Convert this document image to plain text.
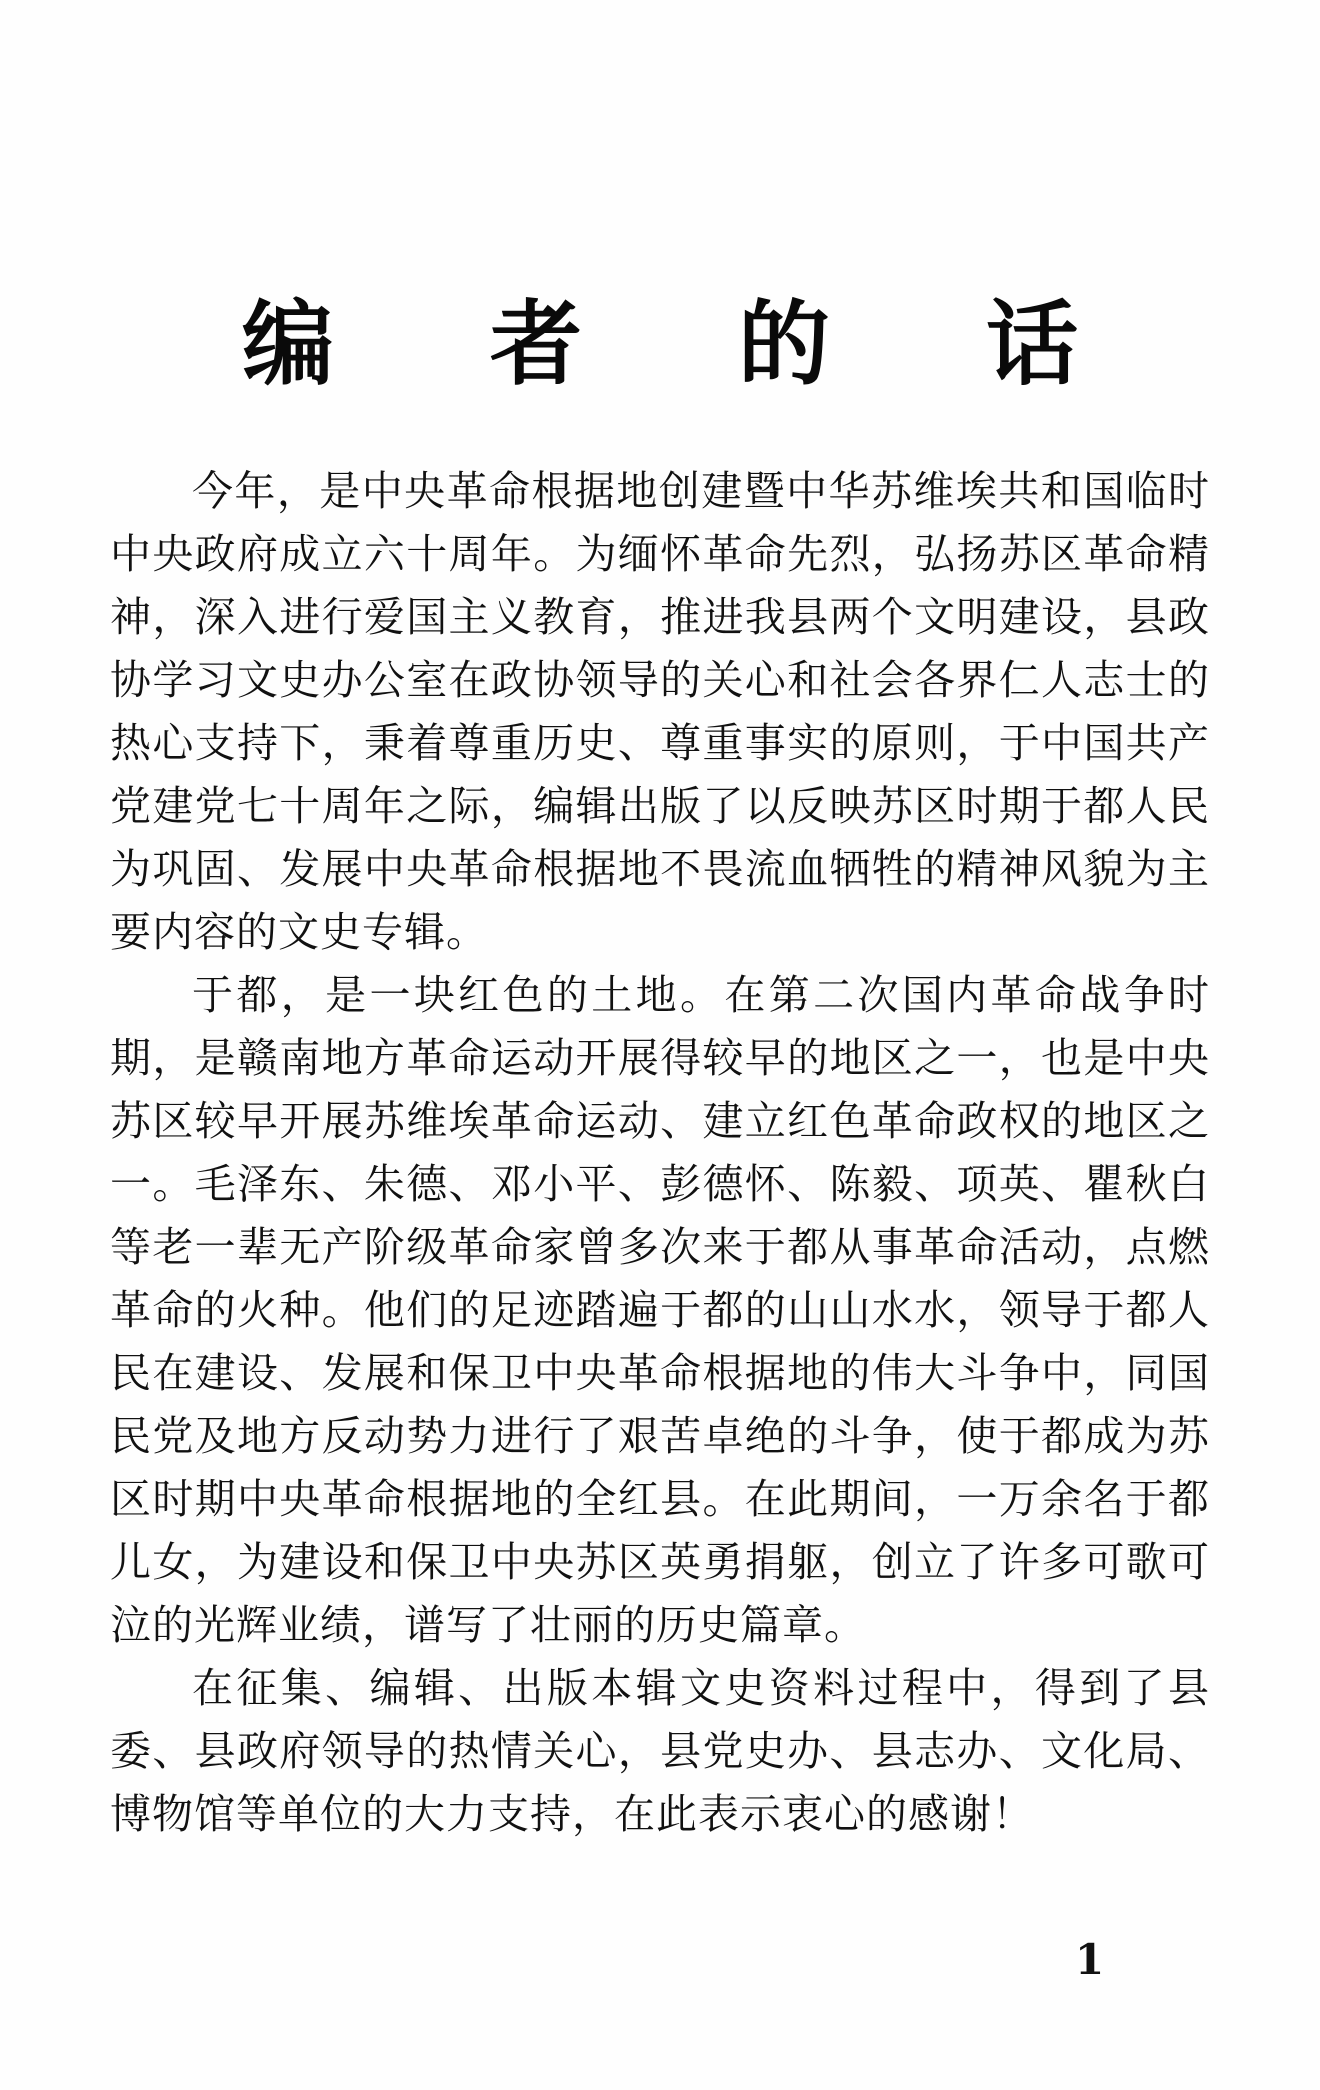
编 者 的 话

今年，是中央革命根据地创建暨中华苏维埃共和国临时中央政府成立六十周年。为缅怀革命先烈，弘扬苏区革命精神，深入进行爱国主义教育，推进我县两个文明建设，县政协学习文史办公室在政协领导的关心和社会各界仁人志士的热心支持下，秉着尊重历史、尊重事实的原则，于中国共产党建党七十周年之际，编辑出版了以反映苏区时期于都人民为巩固、发展中央革命根据地不畏流血牺牲的精神风貌为主要内容的文史专辑。

于都，是一块红色的土地。在第二次国内革命战争时期，是赣南地方革命运动开展得较早的地区之一，也是中央苏区较早开展苏维埃革命运动、建立红色革命政权的地区之一。毛泽东、朱德、邓小平、彭德怀、陈毅、项英、瞿秋白等老一辈无产阶级革命家曾多次来于都从事革命活动，点燃革命的火种。他们的足迹踏遍于都的山山水水，领导于都人民在建设、发展和保卫中央革命根据地的伟大斗争中，同国民党及地方反动势力进行了艰苦卓绝的斗争，使于都成为苏区时期中央革命根据地的全红县。在此期间，一万余名于都儿女，为建设和保卫中央苏区英勇捐躯，创立了许多可歌可泣的光辉业绩，谱写了壮丽的历史篇章。

在征集、编辑、出版本辑文史资料过程中，得到了县委、县政府领导的热情关心，县党史办、县志办、文化局、博物馆等单位的大力支持，在此表示衷心的感谢！

1
